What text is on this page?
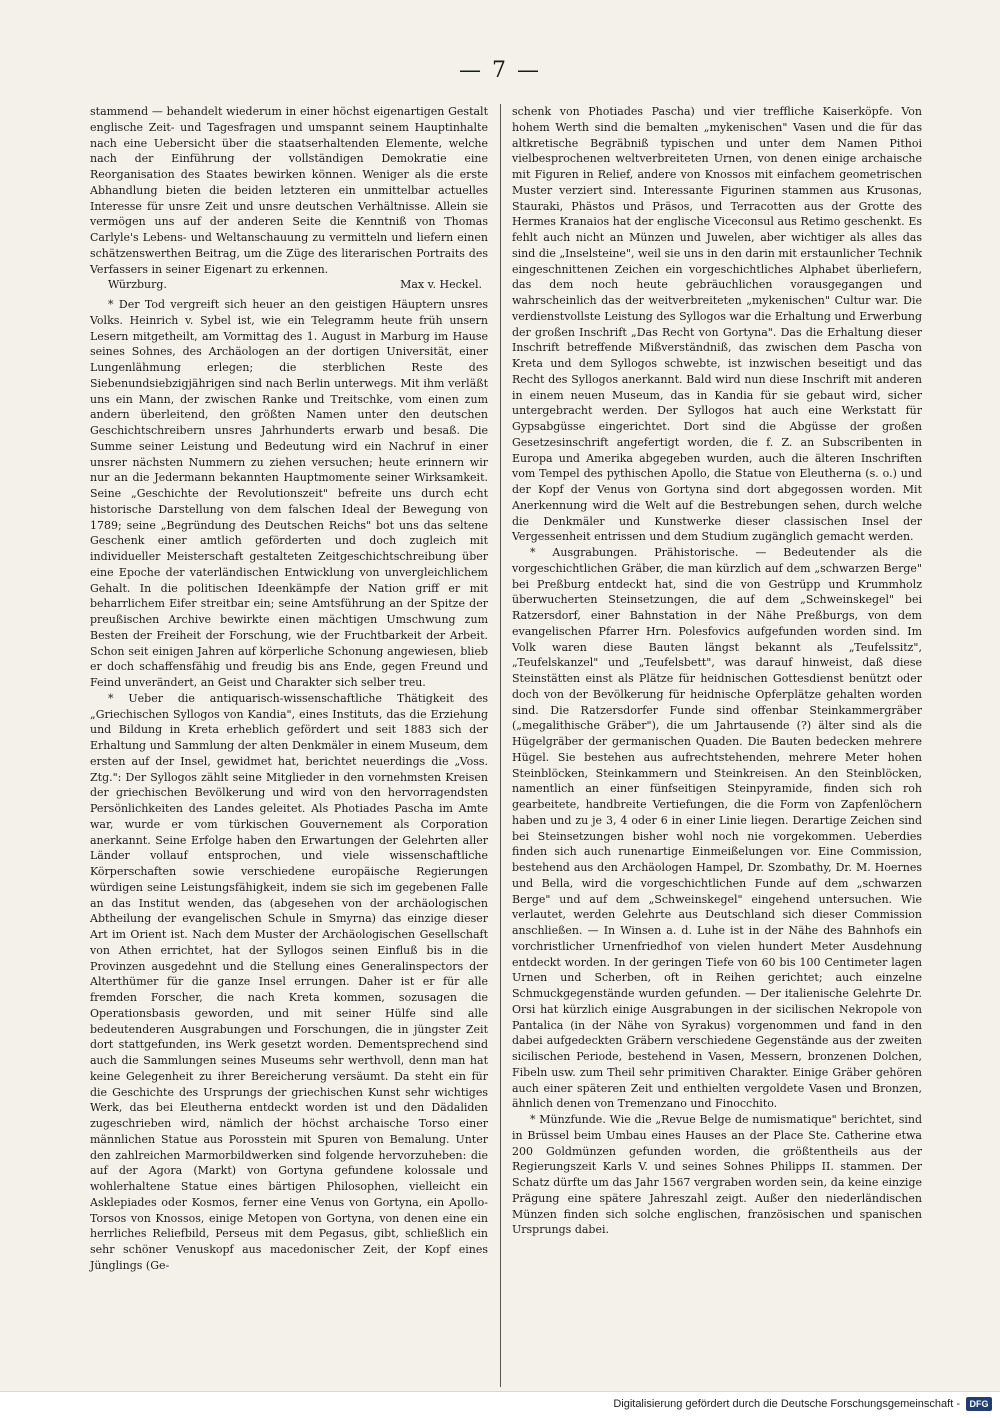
— 7 —

stammend — behandelt wiederum in einer höchst eigenartigen Gestalt englische Zeit- und Tagesfragen und umspannt seinem Hauptinhalte nach eine Uebersicht über die staatserhaltenden Elemente, welche nach der Einführung der vollständigen Demokratie eine Reorganisation des Staates bewirken können. Weniger als die erste Abhandlung bieten die beiden letzteren ein unmittelbar actuelles Interesse für unsre Zeit und unsre deutschen Verhältnisse. Allein sie vermögen uns auf der anderen Seite die Kenntniß von Thomas Carlyle's Lebens- und Weltanschauung zu vermitteln und liefern einen schätzenswerthen Beitrag, um die Züge des literarischen Portraits des Verfassers in seiner Eigenart zu erkennen.

Würzburg.	Max v. Heckel.

* Der Tod vergreift sich heuer an den geistigen Häuptern unsres Volks. Heinrich v. Sybel ist, wie ein Telegramm heute früh unsern Lesern mitgetheilt, am Vormittag des 1. August in Marburg im Hause seines Sohnes, des Archäologen an der dortigen Universität, einer Lungenlähmung erlegen; die sterblichen Reste des Siebenundsiebzigjährigen sind nach Berlin unterwegs. Mit ihm verläßt uns ein Mann, der zwischen Ranke und Treitschke, vom einen zum andern überleitend, den größten Namen unter den deutschen Geschichtschreibern unsres Jahrhunderts erwarb und besaß. Die Summe seiner Leistung und Bedeutung wird ein Nachruf in einer unsrer nächsten Nummern zu ziehen versuchen; heute erinnern wir nur an die Jedermann bekannten Hauptmomente seiner Wirksamkeit. Seine „Geschichte der Revolutionszeit" befreite uns durch echt historische Darstellung von dem falschen Ideal der Bewegung von 1789; seine „Begründung des Deutschen Reichs" bot uns das seltene Geschenk einer amtlich geförderten und doch zugleich mit individueller Meisterschaft gestalteten Zeitgeschichtschreibung über eine Epoche der vaterländischen Entwicklung von unvergleichlichem Gehalt. In die politischen Ideenkämpfe der Nation griff er mit beharrlichem Eifer streitbar ein; seine Amtsführung an der Spitze der preußischen Archive bewirkte einen mächtigen Umschwung zum Besten der Freiheit der Forschung, wie der Fruchtbarkeit der Arbeit. Schon seit einigen Jahren auf körperliche Schonung angewiesen, blieb er doch schaffensfähig und freudig bis ans Ende, gegen Freund und Feind unverändert, an Geist und Charakter sich selber treu.

* Ueber die antiquarisch-wissenschaftliche Thätigkeit des „Griechischen Syllogos von Kandia", eines Instituts, das die Erziehung und Bildung in Kreta erheblich gefördert und seit 1883 sich der Erhaltung und Sammlung der alten Denkmäler in einem Museum, dem ersten auf der Insel, gewidmet hat, berichtet neuerdings die „Voss. Ztg.": Der Syllogos zählt seine Mitglieder in den vornehmsten Kreisen der griechischen Bevölkerung und wird von den hervorragendsten Persönlichkeiten des Landes geleitet. Als Photiades Pascha im Amte war, wurde er vom türkischen Gouvernement als Corporation anerkannt. Seine Erfolge haben den Erwartungen der Gelehrten aller Länder vollauf entsprochen, und viele wissenschaftliche Körperschaften sowie verschiedene europäische Regierungen würdigen seine Leistungsfähigkeit, indem sie sich im gegebenen Falle an das Institut wenden, das (abgesehen von der archäologischen Abtheilung der evangelischen Schule in Smyrna) das einzige dieser Art im Orient ist. Nach dem Muster der Archäologischen Gesellschaft von Athen errichtet, hat der Syllogos seinen Einfluß bis in die Provinzen ausgedehnt und die Stellung eines Generalinspectors der Alterthümer für die ganze Insel errungen. Daher ist er für alle fremden Forscher, die nach Kreta kommen, sozusagen die Operationsbasis geworden, und mit seiner Hülfe sind alle bedeutenderen Ausgrabungen und Forschungen, die in jüngster Zeit dort stattgefunden, ins Werk gesetzt worden. Dementsprechend sind auch die Sammlungen seines Museums sehr werthvoll, denn man hat keine Gelegenheit zu ihrer Bereicherung versäumt. Da steht ein für die Geschichte des Ursprungs der griechischen Kunst sehr wichtiges Werk, das bei Eleutherna entdeckt worden ist und den Dädaliden zugeschrieben wird, nämlich der höchst archaische Torso einer männlichen Statue aus Porosstein mit Spuren von Bemalung. Unter den zahlreichen Marmorbildwerken sind folgende hervorzuheben: die auf der Agora (Markt) von Gortyna gefundene kolossale und wohlerhaltene Statue eines bärtigen Philosophen, vielleicht ein Asklepiades oder Kosmos, ferner eine Venus von Gortyna, ein Apollo-Torsos von Knossos, einige Metopen von Gortyna, von denen eine ein herrliches Reliefbild, Perseus mit dem Pegasus, gibt, schließlich ein sehr schöner Venuskopf aus macedonischer Zeit, der Kopf eines Jünglings (Ge-

schenk von Photiades Pascha) und vier treffliche Kaiserköpfe. Von hohem Werth sind die bemalten „mykenischen" Vasen und die für das altkretische Begräbniß typischen und unter dem Namen Pithoi vielbesprochenen weltverbreiteten Urnen, von denen einige archaische mit Figuren in Relief, andere von Knossos mit einfachem geometrischen Muster verziert sind. Interessante Figurinen stammen aus Krusonas, Stauraki, Phästos und Präsos, und Terracotten aus der Grotte des Hermes Kranaios hat der englische Viceconsul aus Retimo geschenkt. Es fehlt auch nicht an Münzen und Juwelen, aber wichtiger als alles das sind die „Inselsteine", weil sie uns in den darin mit erstaunlicher Technik eingeschnittenen Zeichen ein vorgeschichtliches Alphabet überliefern, das dem noch heute gebräuchlichen vorausgegangen und wahrscheinlich das der weitverbreiteten „mykenischen" Cultur war. Die verdienstvollste Leistung des Syllogos war die Erhaltung und Erwerbung der großen Inschrift „Das Recht von Gortyna". Das die Erhaltung dieser Inschrift betreffende Mißverständniß, das zwischen dem Pascha von Kreta und dem Syllogos schwebte, ist inzwischen beseitigt und das Recht des Syllogos anerkannt. Bald wird nun diese Inschrift mit anderen in einem neuen Museum, das in Kandia für sie gebaut wird, sicher untergebracht werden. Der Syllogos hat auch eine Werkstatt für Gypsabgüsse eingerichtet. Dort sind die Abgüsse der großen Gesetzesinschrift angefertigt worden, die f. Z. an Subscribenten in Europa und Amerika abgegeben wurden, auch die älteren Inschriften vom Tempel des pythischen Apollo, die Statue von Eleutherna (s. o.) und der Kopf der Venus von Gortyna sind dort abgegossen worden. Mit Anerkennung wird die Welt auf die Bestrebungen sehen, durch welche die Denkmäler und Kunstwerke dieser classischen Insel der Vergessenheit entrissen und dem Studium zugänglich gemacht werden.

* Ausgrabungen. Prähistorische. — Bedeutender als die vorgeschichtlichen Gräber, die man kürzlich auf dem „schwarzen Berge" bei Preßburg entdeckt hat, sind die von Gestrüpp und Krummholz überwucherten Steinsetzungen, die auf dem „Schweinskegel" bei Ratzersdorf, einer Bahnstation in der Nähe Preßburgs, von dem evangelischen Pfarrer Hrn. Polesfovics aufgefunden worden sind. Im Volk waren diese Bauten längst bekannt als „Teufelssitz", „Teufelskanzel" und „Teufelsbett", was darauf hinweist, daß diese Steinstätten einst als Plätze für heidnischen Gottesdienst benützt oder doch von der Bevölkerung für heidnische Opferplätze gehalten worden sind. Die Ratzersdorfer Funde sind offenbar Steinkammergräber („megalithische Gräber"), die um Jahrtausende (?) älter sind als die Hügelgräber der germanischen Quaden. Die Bauten bedecken mehrere Hügel. Sie bestehen aus aufrechtstehenden, mehrere Meter hohen Steinblöcken, Steinkammern und Steinkreisen. An den Steinblöcken, namentlich an einer fünfseitigen Steinpyramide, finden sich roh gearbeitete, handbreite Vertiefungen, die die Form von Zapfenlöchern haben und zu je 3, 4 oder 6 in einer Linie liegen. Derartige Zeichen sind bei Steinsetzungen bisher wohl noch nie vorgekommen. Ueberdies finden sich auch runenartige Einmeißelungen vor. Eine Commission, bestehend aus den Archäologen Hampel, Dr. Szombathy, Dr. M. Hoernes und Bella, wird die vorgeschichtlichen Funde auf dem „schwarzen Berge" und auf dem „Schweinskegel" eingehend untersuchen. Wie verlautet, werden Gelehrte aus Deutschland sich dieser Commission anschließen. — In Winsen a. d. Luhe ist in der Nähe des Bahnhofs ein vorchristlicher Urnenfriedhof von vielen hundert Meter Ausdehnung entdeckt worden. In der geringen Tiefe von 60 bis 100 Centimeter lagen Urnen und Scherben, oft in Reihen gerichtet; auch einzelne Schmuckgegenstände wurden gefunden. — Der italienische Gelehrte Dr. Orsi hat kürzlich einige Ausgrabungen in der sicilischen Nekropole von Pantalica (in der Nähe von Syrakus) vorgenommen und fand in den dabei aufgedeckten Gräbern verschiedene Gegenstände aus der zweiten sicilischen Periode, bestehend in Vasen, Messern, bronzenen Dolchen, Fibeln usw. zum Theil sehr primitiven Charakter. Einige Gräber gehören auch einer späteren Zeit und enthielten vergoldete Vasen und Bronzen, ähnlich denen von Tremenzano und Finocchito.

* Münzfunde. Wie die „Revue Belge de numismatique" berichtet, sind in Brüssel beim Umbau eines Hauses an der Place Ste. Catherine etwa 200 Goldmünzen gefunden worden, die größtentheils aus der Regierungszeit Karls V. und seines Sohnes Philipps II. stammen. Der Schatz dürfte um das Jahr 1567 vergraben worden sein, da keine einzige Prägung eine spätere Jahreszahl zeigt. Außer den niederländischen Münzen finden sich solche englischen, französischen und spanischen Ursprungs dabei.

Digitalisierung gefördert durch die Deutsche Forschungsgemeinschaft -	DFG
